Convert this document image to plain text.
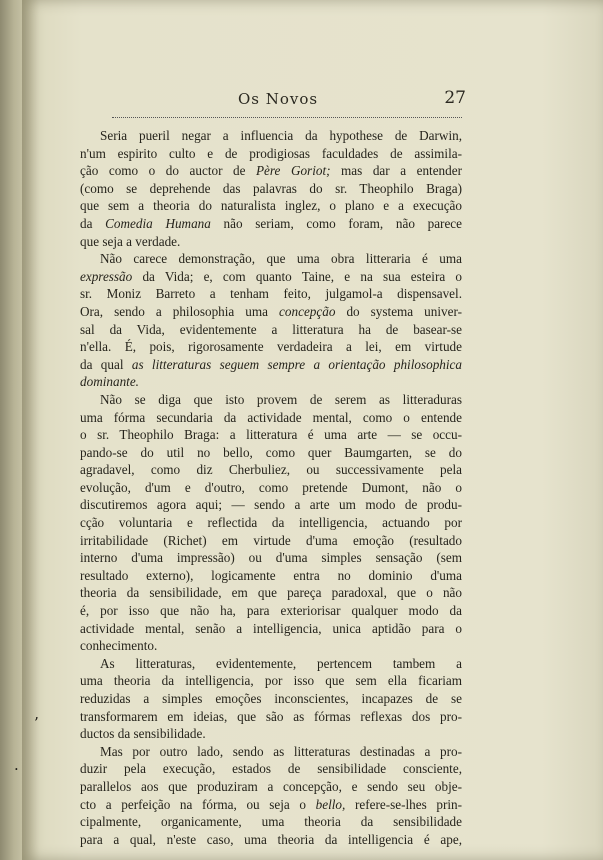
Os Novos	27
Seria pueril negar a influencia da hypothese de Darwin,
n'um espirito culto e de prodigiosas faculdades de assimila-
ção como o do auctor de Père Goriot; mas dar a entender
(como se deprehende das palavras do sr. Theophilo Braga)
que sem a theoria do naturalista inglez, o plano e a execução
da Comedia Humana não seriam, como foram, não parece
que seja a verdade.
Não carece demonstração, que uma obra litteraria é uma
expressão da Vida; e, com quanto Taine, e na sua esteira o
sr. Moniz Barreto a tenham feito, julgamol-a dispensavel.
Ora, sendo a philosophia uma concepção do systema univer-
sal da Vida, evidentemente a litteratura ha de basear-se
n'ella. É, pois, rigorosamente verdadeira a lei, em virtude
da qual as litteraturas seguem sempre a orientação philosophica
dominante.
Não se diga que isto provem de serem as litteraduras
uma fórma secundaria da actividade mental, como o entende
o sr. Theophilo Braga: a litteratura é uma arte — se occu-
pando-se do util no bello, como quer Baumgarten, se do
agradavel, como diz Cherbuliez, ou successivamente pela
evolução, d'um e d'outro, como pretende Dumont, não o
discutiremos agora aqui; — sendo a arte um modo de produ-
cção voluntaria e reflectida da intelligencia, actuando por
irritabilidade (Richet) em virtude d'uma emoção (resultado
interno d'uma impressão) ou d'uma simples sensação (sem
resultado externo), logicamente entra no dominio d'uma
theoria da sensibilidade, em que pareça paradoxal, que o não
é, por isso que não ha, para exteriorisar qualquer modo da
actividade mental, senão a intelligencia, unica aptidão para o
conhecimento.
As litteraturas, evidentemente, pertencem tambem a
uma theoria da intelligencia, por isso que sem ella ficariam
reduzidas a simples emoções inconscientes, incapazes de se
transformarem em ideias, que são as fórmas reflexas dos pro-
ductos da sensibilidade.
Mas por outro lado, sendo as litteraturas destinadas a pro-
duzir pela execução, estados de sensibilidade consciente,
parallelos aos que produziram a concepção, e sendo seu obje-
cto a perfeição na fórma, ou seja o bello, refere-se-lhes prin-
cipalmente, organicamente, uma theoria da sensibilidade
para a qual, n'este caso, uma theoria da intelligencia é ape,
’
·
